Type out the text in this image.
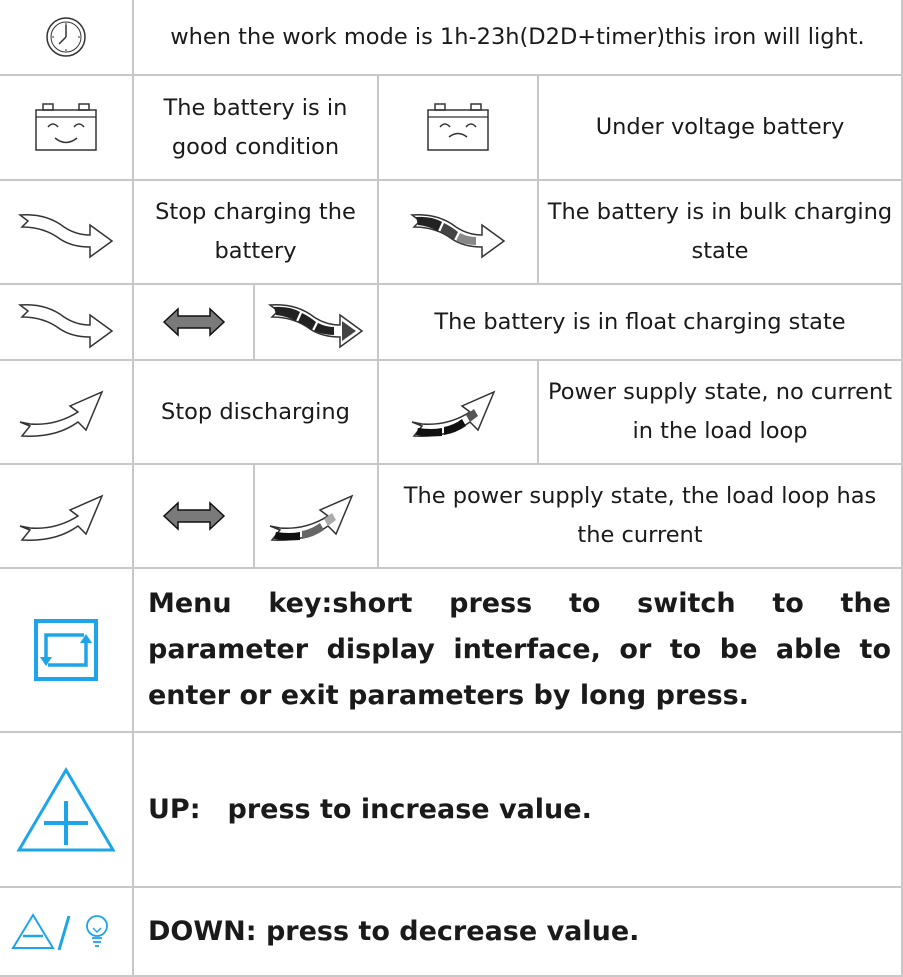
when the work mode is 1h-23h(D2D+timer)this iron will light.
The battery is in good condition
Under voltage battery
Stop charging the battery
The battery is in bulk charging state
The battery is in float charging state
Stop discharging
Power supply state, no current in the load loop
The power supply state, the load loop has the current
Menu key:short press to switch to the parameter display interface, or to be able to enter or exit parameters by long press.
UP:　press to increase value.
DOWN: press to decrease value.
